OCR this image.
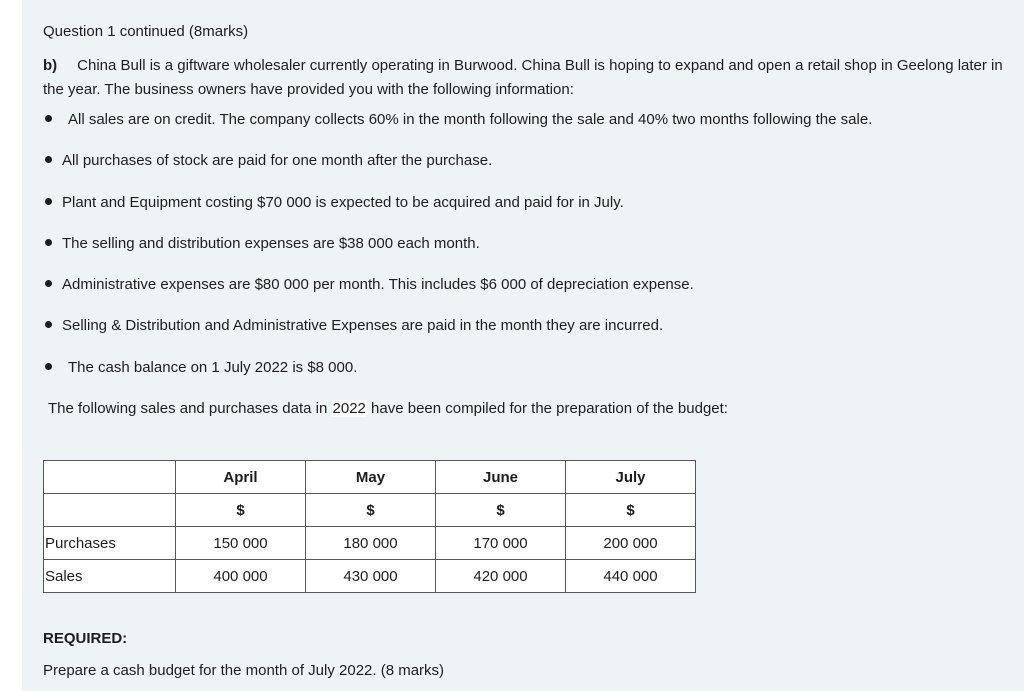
Question 1 continued (8marks)
b) China Bull is a giftware wholesaler currently operating in Burwood. China Bull is hoping to expand and open a retail shop in Geelong later in the year. The business owners have provided you with the following information:
All sales are on credit. The company collects 60% in the month following the sale and 40% two months following the sale.
All purchases of stock are paid for one month after the purchase.
Plant and Equipment costing $70 000 is expected to be acquired and paid for in July.
The selling and distribution expenses are $38 000 each month.
Administrative expenses are $80 000 per month. This includes $6 000 of depreciation expense.
Selling & Distribution and Administrative Expenses are paid in the month they are incurred.
The cash balance on 1 July 2022 is $8 000.
The following sales and purchases data in 2022 have been compiled for the preparation of the budget:
	April	May	June	July
	$	$	$	$
Purchases	150 000	180 000	170 000	200 000
Sales	400 000	430 000	420 000	440 000
REQUIRED:
Prepare a cash budget for the month of July 2022. (8 marks)
